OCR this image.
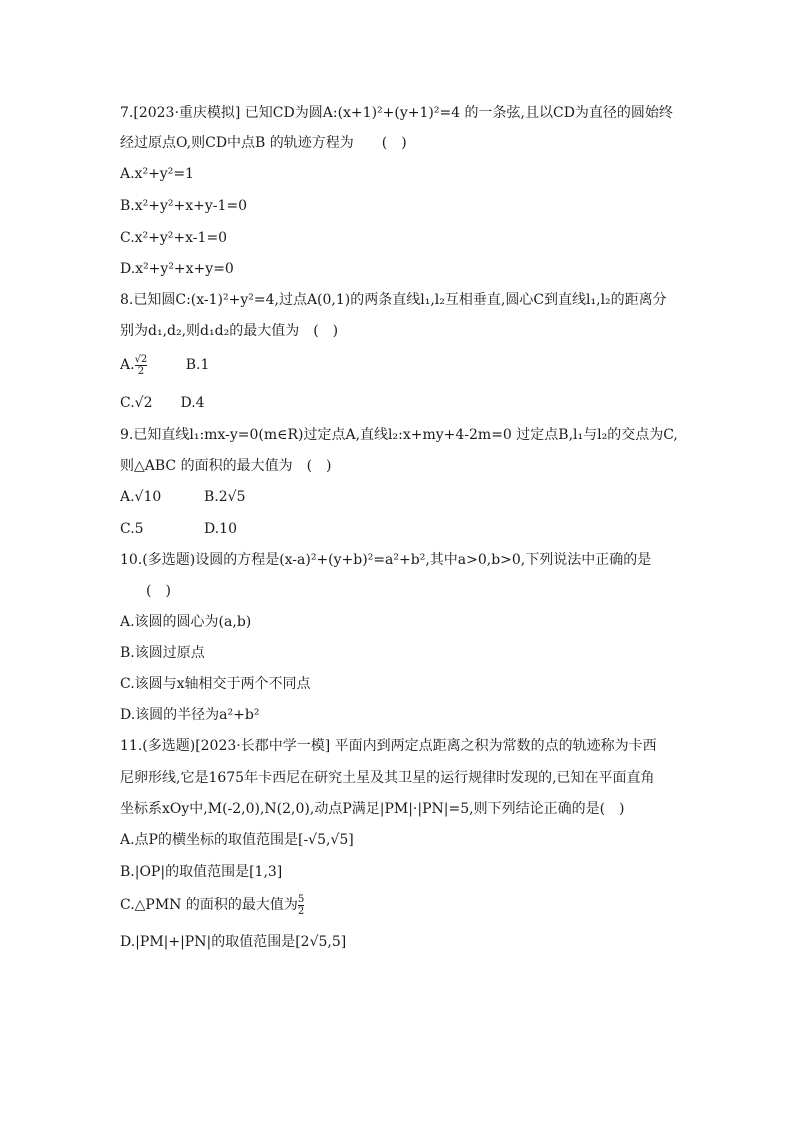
7.[2023·重庆模拟] 已知CD为圆A:(x+1)²+(y+1)²=4 的一条弦,且以CD为直径的圆始终
经过原点O,则CD中点B 的轨迹方程为　　(　)
A.x²+y²=1
B.x²+y²+x+y-1=0
C.x²+y²+x-1=0
D.x²+y²+x+y=0
8.已知圆C:(x-1)²+y²=4,过点A(0,1)的两条直线l₁,l₂互相垂直,圆心C到直线l₁,l₂的距离分
别为d₁,d₂,则d₁d₂的最大值为　(　)
A. $\frac{√2}{2}$	B.1
C.√2 D.4
9.已知直线l₁:mx-y=0(m∈R)过定点A,直线l₂:x+my+4-2m=0 过定点B,l₁与l₂的交点为C,
则△ABC 的面积的最大值为　(　)
A.√10	B.2√5
C.5	D.10
10.(多选题)设圆的方程是(x-a)²+(y+b)²=a²+b²,其中a>0,b>0,下列说法中正确的是
(　)
A.该圆的圆心为(a,b)
B.该圆过原点
C.该圆与x轴相交于两个不同点
D.该圆的半径为a²+b²
11.(多选题)[2023·长郡中学一模] 平面内到两定点距离之积为常数的点的轨迹称为卡西
尼卵形线,它是1675年卡西尼在研究土星及其卫星的运行规律时发现的,已知在平面直角
坐标系xOy中,M(-2,0),N(2,0),动点P满足|PM|·|PN|=5,则下列结论正确的是(　)
A.点P的横坐标的取值范围是[-√5,√5]
B.|OP|的取值范围是[1,3]
C.△PMN 的面积的最大值为 $\frac{5}{2}$
D.|PM|+|PN|的取值范围是[2√5,5]
